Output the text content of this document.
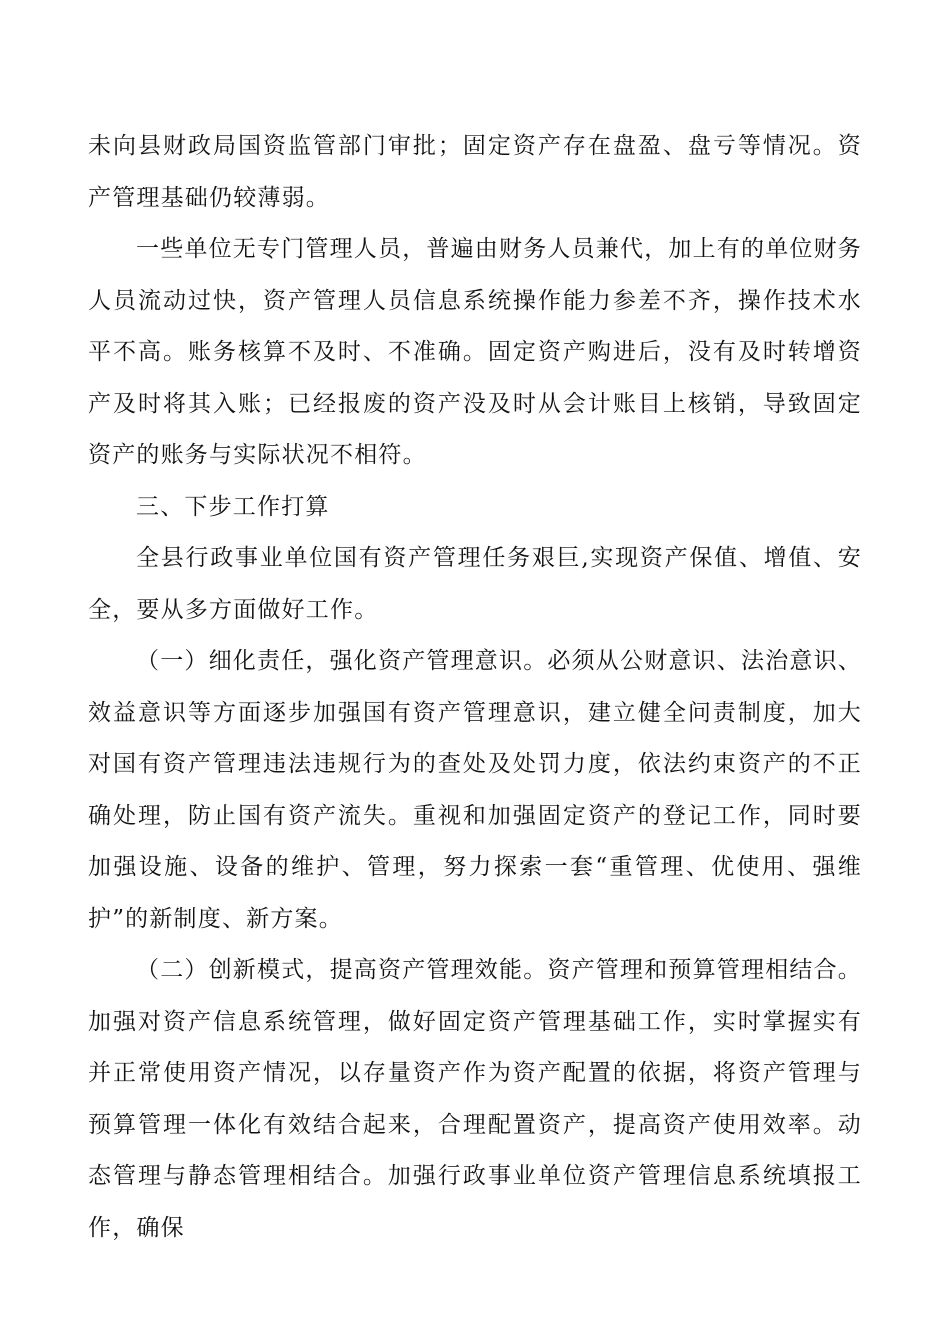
未向县财政局国资监管部门审批；固定资产存在盘盈、盘亏等情况。资产管理基础仍较薄弱。

一些单位无专门管理人员，普遍由财务人员兼代，加上有的单位财务人员流动过快，资产管理人员信息系统操作能力参差不齐，操作技术水平不高。账务核算不及时、不准确。固定资产购进后，没有及时转增资产及时将其入账；已经报废的资产没及时从会计账目上核销，导致固定资产的账务与实际状况不相符。

三、下步工作打算

全县行政事业单位国有资产管理任务艰巨,实现资产保值、增值、安全，要从多方面做好工作。

（一）细化责任，强化资产管理意识。必须从公财意识、法治意识、效益意识等方面逐步加强国有资产管理意识，建立健全问责制度，加大对国有资产管理违法违规行为的查处及处罚力度，依法约束资产的不正确处理，防止国有资产流失。重视和加强固定资产的登记工作，同时要加强设施、设备的维护、管理，努力探索一套“重管理、优使用、强维护”的新制度、新方案。

（二）创新模式，提高资产管理效能。资产管理和预算管理相结合。加强对资产信息系统管理，做好固定资产管理基础工作，实时掌握实有并正常使用资产情况，以存量资产作为资产配置的依据，将资产管理与预算管理一体化有效结合起来，合理配置资产，提高资产使用效率。动态管理与静态管理相结合。加强行政事业单位资产管理信息系统填报工作，确保
